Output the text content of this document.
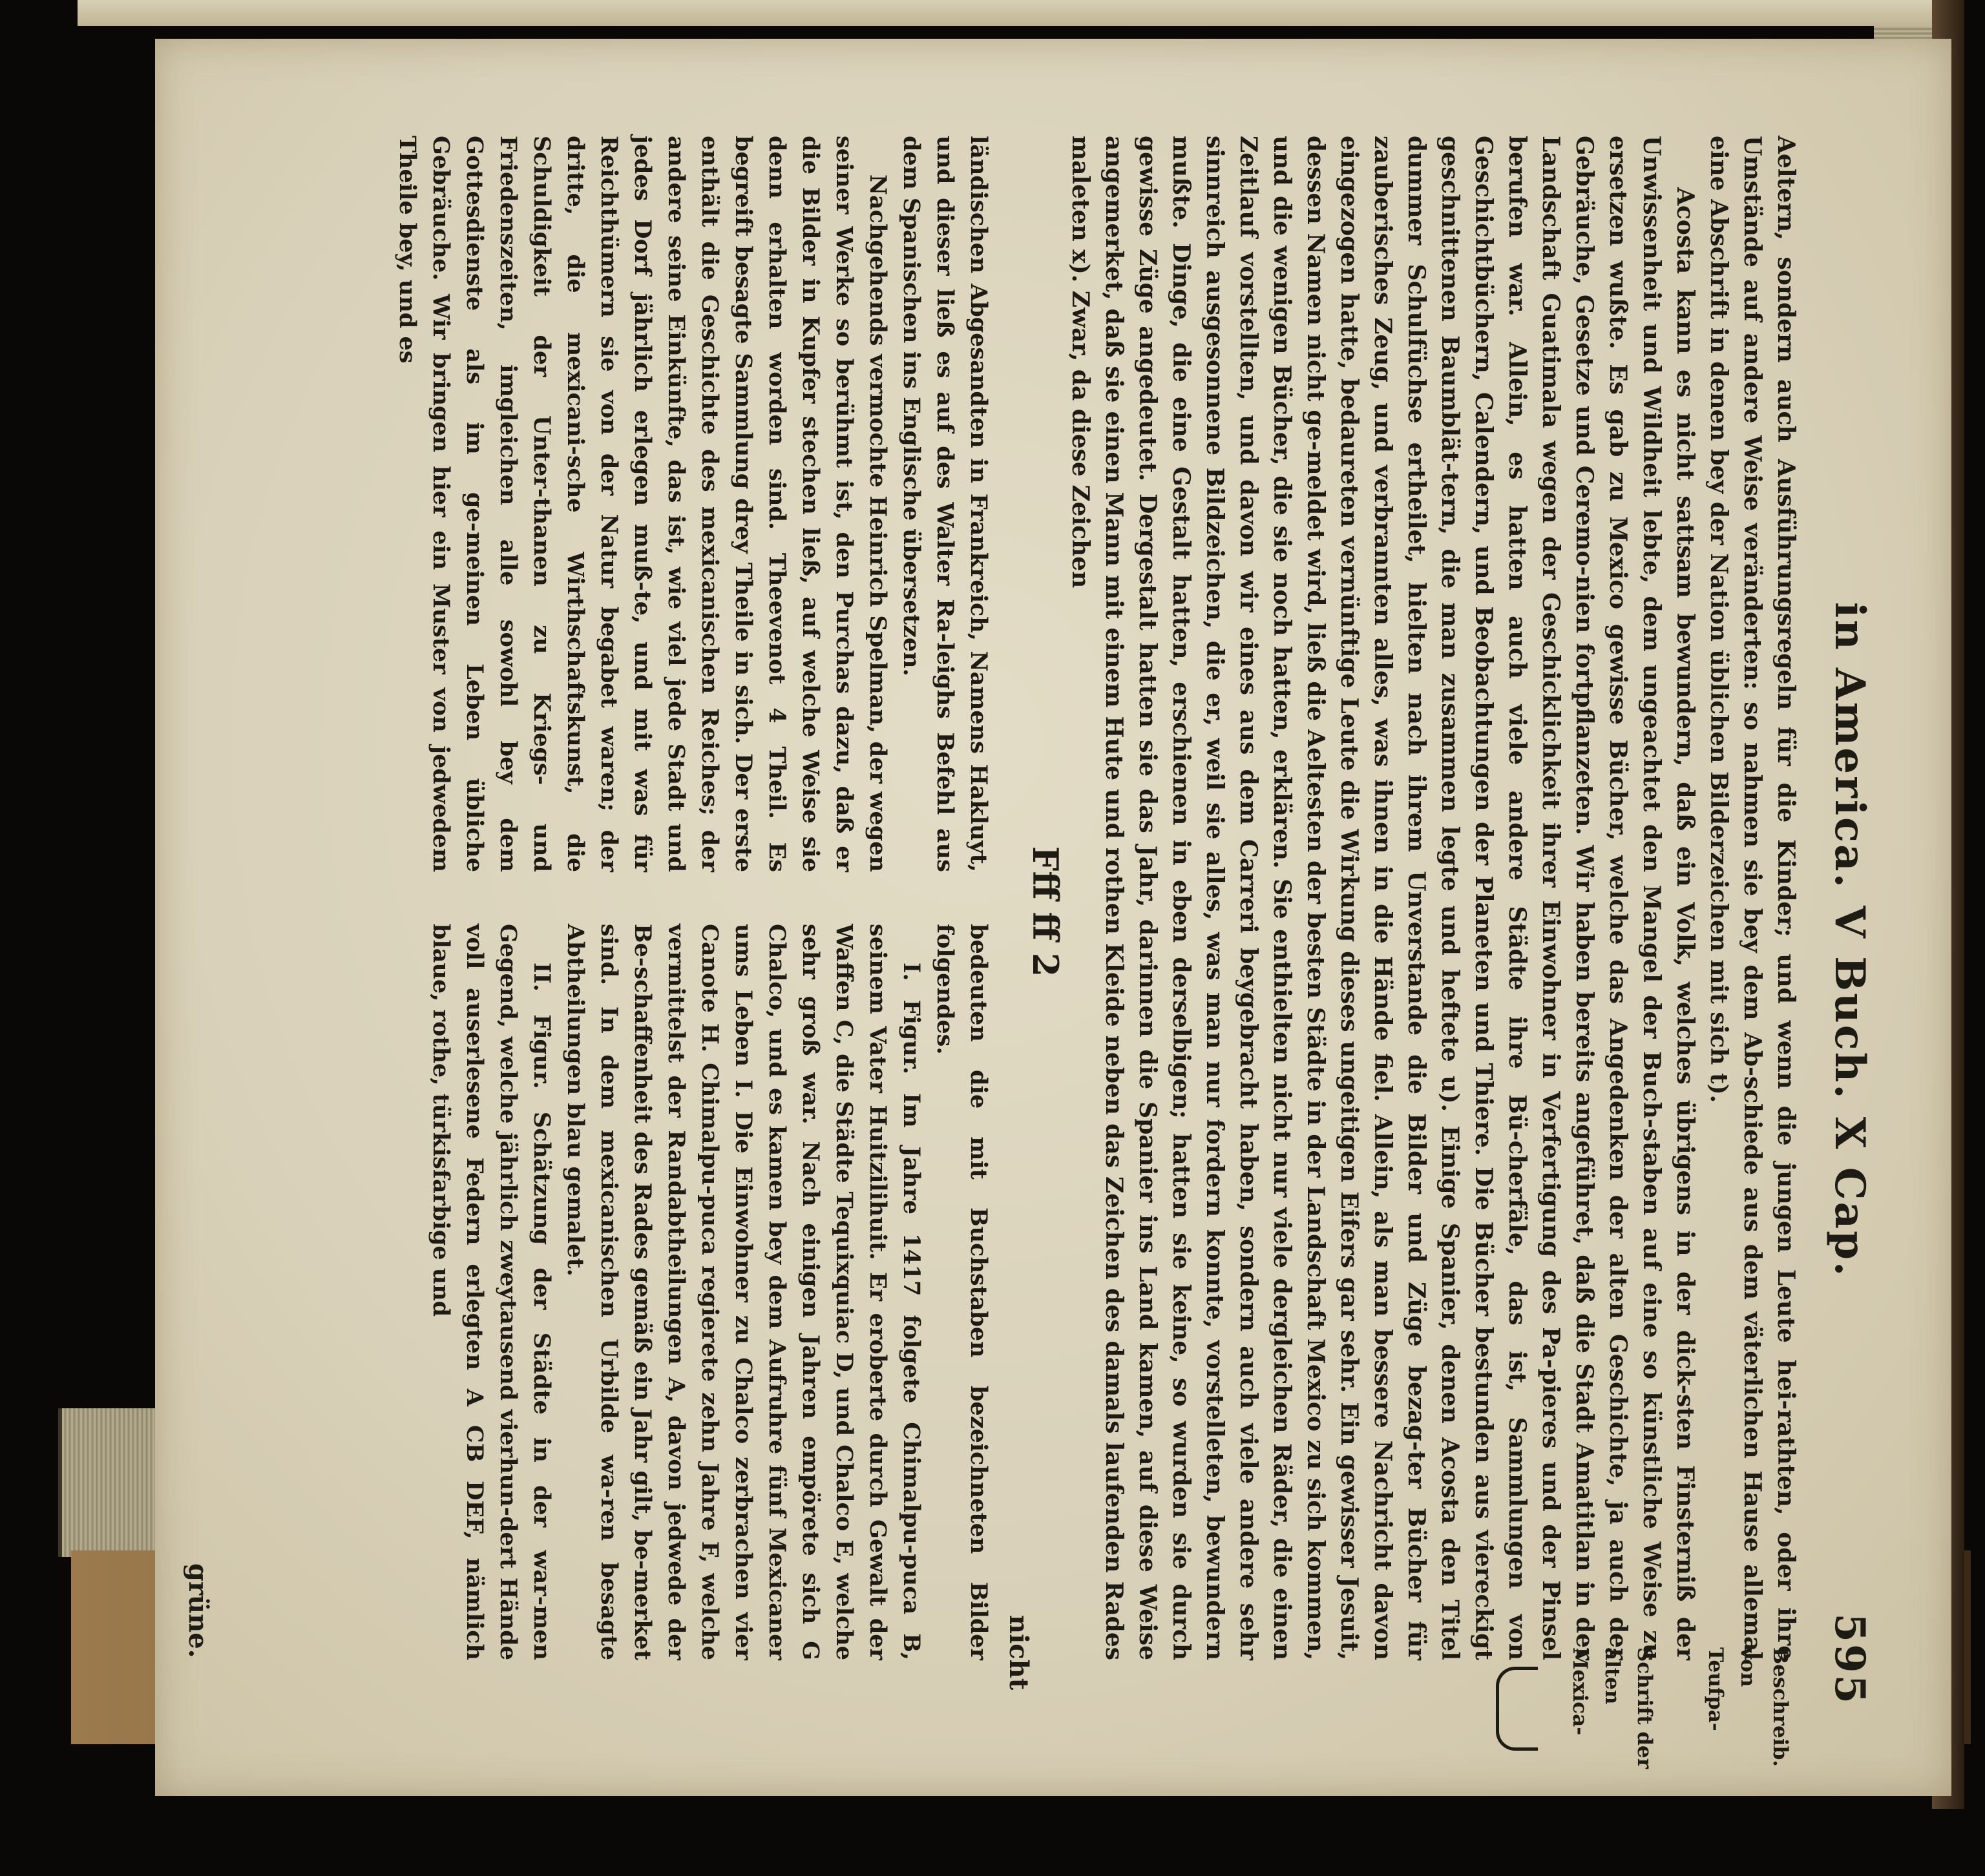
in America. V Buch. X Cap.
595
Beschreib. von Teufpa-
Schrift der alten Mexica-

Aeltern, sondern auch Ausführungsregeln für die Kinder; und wenn die jungen Leute hei-rathten, oder ihre Umstände auf andere Weise veränderten: so nahmen sie bey dem Ab-schiede aus dem väterlichen Hause allemal eine Abschrift in denen bey der Nation üblichen Bilderzeichen mit sich t).

Acosta kann es nicht sattsam bewundern, daß ein Volk, welches übrigens in der dick-sten Finsterniß der Unwissenheit und Wildheit lebte, dem ungeachtet den Mangel der Buch-staben auf eine so künstliche Weise zu ersetzen wußte. Es gab zu Mexico gewisse Bücher, welche das Angedenken der alten Geschichte, ja auch der Gebräuche, Gesetze und Ceremo-nien fortpflanzeten. Wir haben bereits angeführet, daß die Stadt Amatitlan in der Landschaft Guatimala wegen der Geschicklichkeit ihrer Einwohner in Verfertigung des Pa-pieres und der Pinsel berufen war. Allein, es hatten auch viele andere Städte ihre Bü-cherfäle, das ist, Sammlungen von Geschichtbüchern, Calendern, und Beobachtungen der Planeten und Thiere. Die Bücher bestunden aus viereckigt geschnittenen Baumblät-tern, die man zusammen legte und heftete u). Einige Spanier, denen Acosta den Titel dummer Schulfüchse ertheilet, hielten nach ihrem Unverstande die Bilder und Züge bezag-ter Bücher für zauberisches Zeug, und verbrannten alles, was ihnen in die Hände fiel. Allein, als man bessere Nachricht davon eingezogen hatte, bedaureten vernünftige Leute die Wirkung dieses ungeitigen Eifers gar sehr. Ein gewisser Jesuit, dessen Namen nicht ge-meldet wird, ließ die Aeltesten der besten Städte in der Landschaft Mexico zu sich kommen, und die wenigen Bücher, die sie noch hatten, erklären. Sie enthielten nicht nur viele dergleichen Räder, die einen Zeitlauf vorstellten, und davon wir eines aus dem Carreri beygebracht haben, sondern auch viele andere sehr sinnreich ausgesonnene Bildzeichen, die er, weil sie alles, was man nur fordern konnte, vorstelleten, bewundern mußte. Dinge, die eine Gestalt hatten, erschienen in eben derselbigen; hatten sie keine, so wurden sie durch gewisse Züge angedeutet. Dergestalt hatten sie das Jahr, darinnen die Spanier ins Land kamen, auf diese Weise angemerket, daß sie einen Mann mit einem Hute und rothen Kleide neben das Zeichen des damals laufenden Rades maleten x). Zwar, da diese Zeichen

Fff ff 2

ländischen Abgesandten in Frankreich, Namens Hakluyt, und dieser ließ es auf des Walter Ra-leighs Befehl aus dem Spanischen ins Englische übersetzen.

Nachgehends vermochte Heinrich Spelman, der wegen seiner Werke so berühmt ist, den Purchas dazu, daß er die Bilder in Kupfer stechen ließ, auf welche Weise sie denn erhalten worden sind. Theevenot 4 Theil. Es begreift besagte Sammlung drey Theile in sich. Der erste enthält die Geschichte des mexicanischen Reiches; der andere seine Einkünfte, das ist, wie viel jede Stadt und jedes Dorf jährlich erlegen muß-te, und mit was für Reichthümern sie von der Natur begabet waren; der dritte, die mexicani-sche Wirthschaftskunst, die Schuldigkeit der Unter-thanen zu Kriegs- und Friedenszeiten, imgleichen alle sowohl bey dem Gottesdienste als im ge-meinen Leben übliche Gebräuche. Wir bringen hier ein Muster von jedwedem Theile bey, und es

bedeuten die mit Buchstaben bezeichneten Bilder folgendes.

I. Figur. Im Jahre 1417 folgete Chimalpu-puca B, seinem Vater Huitzilihuit. Er eroberte durch Gewalt der Waffen C, die Städte Tequixquiac D, und Chalco E, welche sehr groß war. Nach einigen Jahren empörete sich G Chalco, und es kamen bey dem Aufruhre fünf Mexicaner ums Leben I. Die Einwohner zu Chalco zerbrachen vier Canote H. Chimalpu-puca regierete zehn Jahre F, welche vermittelst der Randabtheilungen A, davon jedwede der Be-schaffenheit des Rades gemäß ein Jahr gilt, be-merket sind. In dem mexicanischen Urbilde wa-ren besagte Abtheilungen blau gemalet.

II. Figur. Schätzung der Städte in der war-men Gegend, welche jährlich zweytausend vierhun-dert Hände voll auserlesene Federn erlegten A CB DEF, nämlich blaue, rothe, türkisfarbige und

grüne.	nicht
